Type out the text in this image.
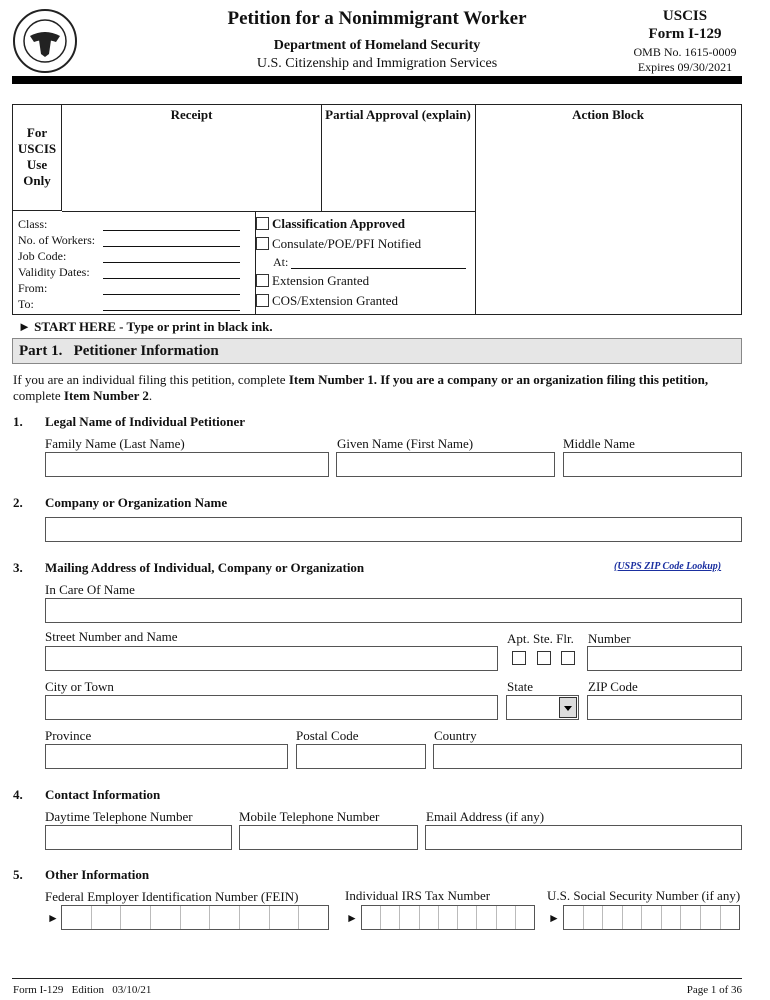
Petition for a Nonimmigrant Worker
Department of Homeland Security
U.S. Citizenship and Immigration Services
USCIS
Form I-129
OMB No. 1615-0009
Expires 09/30/2021
For
USCIS
Use
Only
Receipt	Partial Approval (explain)	Action Block
Class:
No. of Workers:
Job Code:
Validity Dates:
From:
To:
Classification Approved
Consulate/POE/PFI Notified
At:
Extension Granted
COS/Extension Granted
► START HERE - Type or print in black ink.
Part 1.   Petitioner Information
If you are an individual filing this petition, complete Item Number 1. If you are a company or an organization filing this petition,
complete Item Number 2.
1. Legal Name of Individual Petitioner
Family Name (Last Name)	Given Name (First Name)	Middle Name
2. Company or Organization Name
3. Mailing Address of Individual, Company or Organization	(USPS ZIP Code Lookup)
In Care Of Name
Street Number and Name	Apt. Ste. Flr. Number
City or Town	State	ZIP Code
Province	Postal Code	Country
4. Contact Information
Daytime Telephone Number	Mobile Telephone Number	Email Address (if any)
5. Other Information
Federal Employer Identification Number (FEIN)	Individual IRS Tax Number	U.S. Social Security Number (if any)
►	►	►
Form I-129   Edition   03/10/21	Page 1 of 36
